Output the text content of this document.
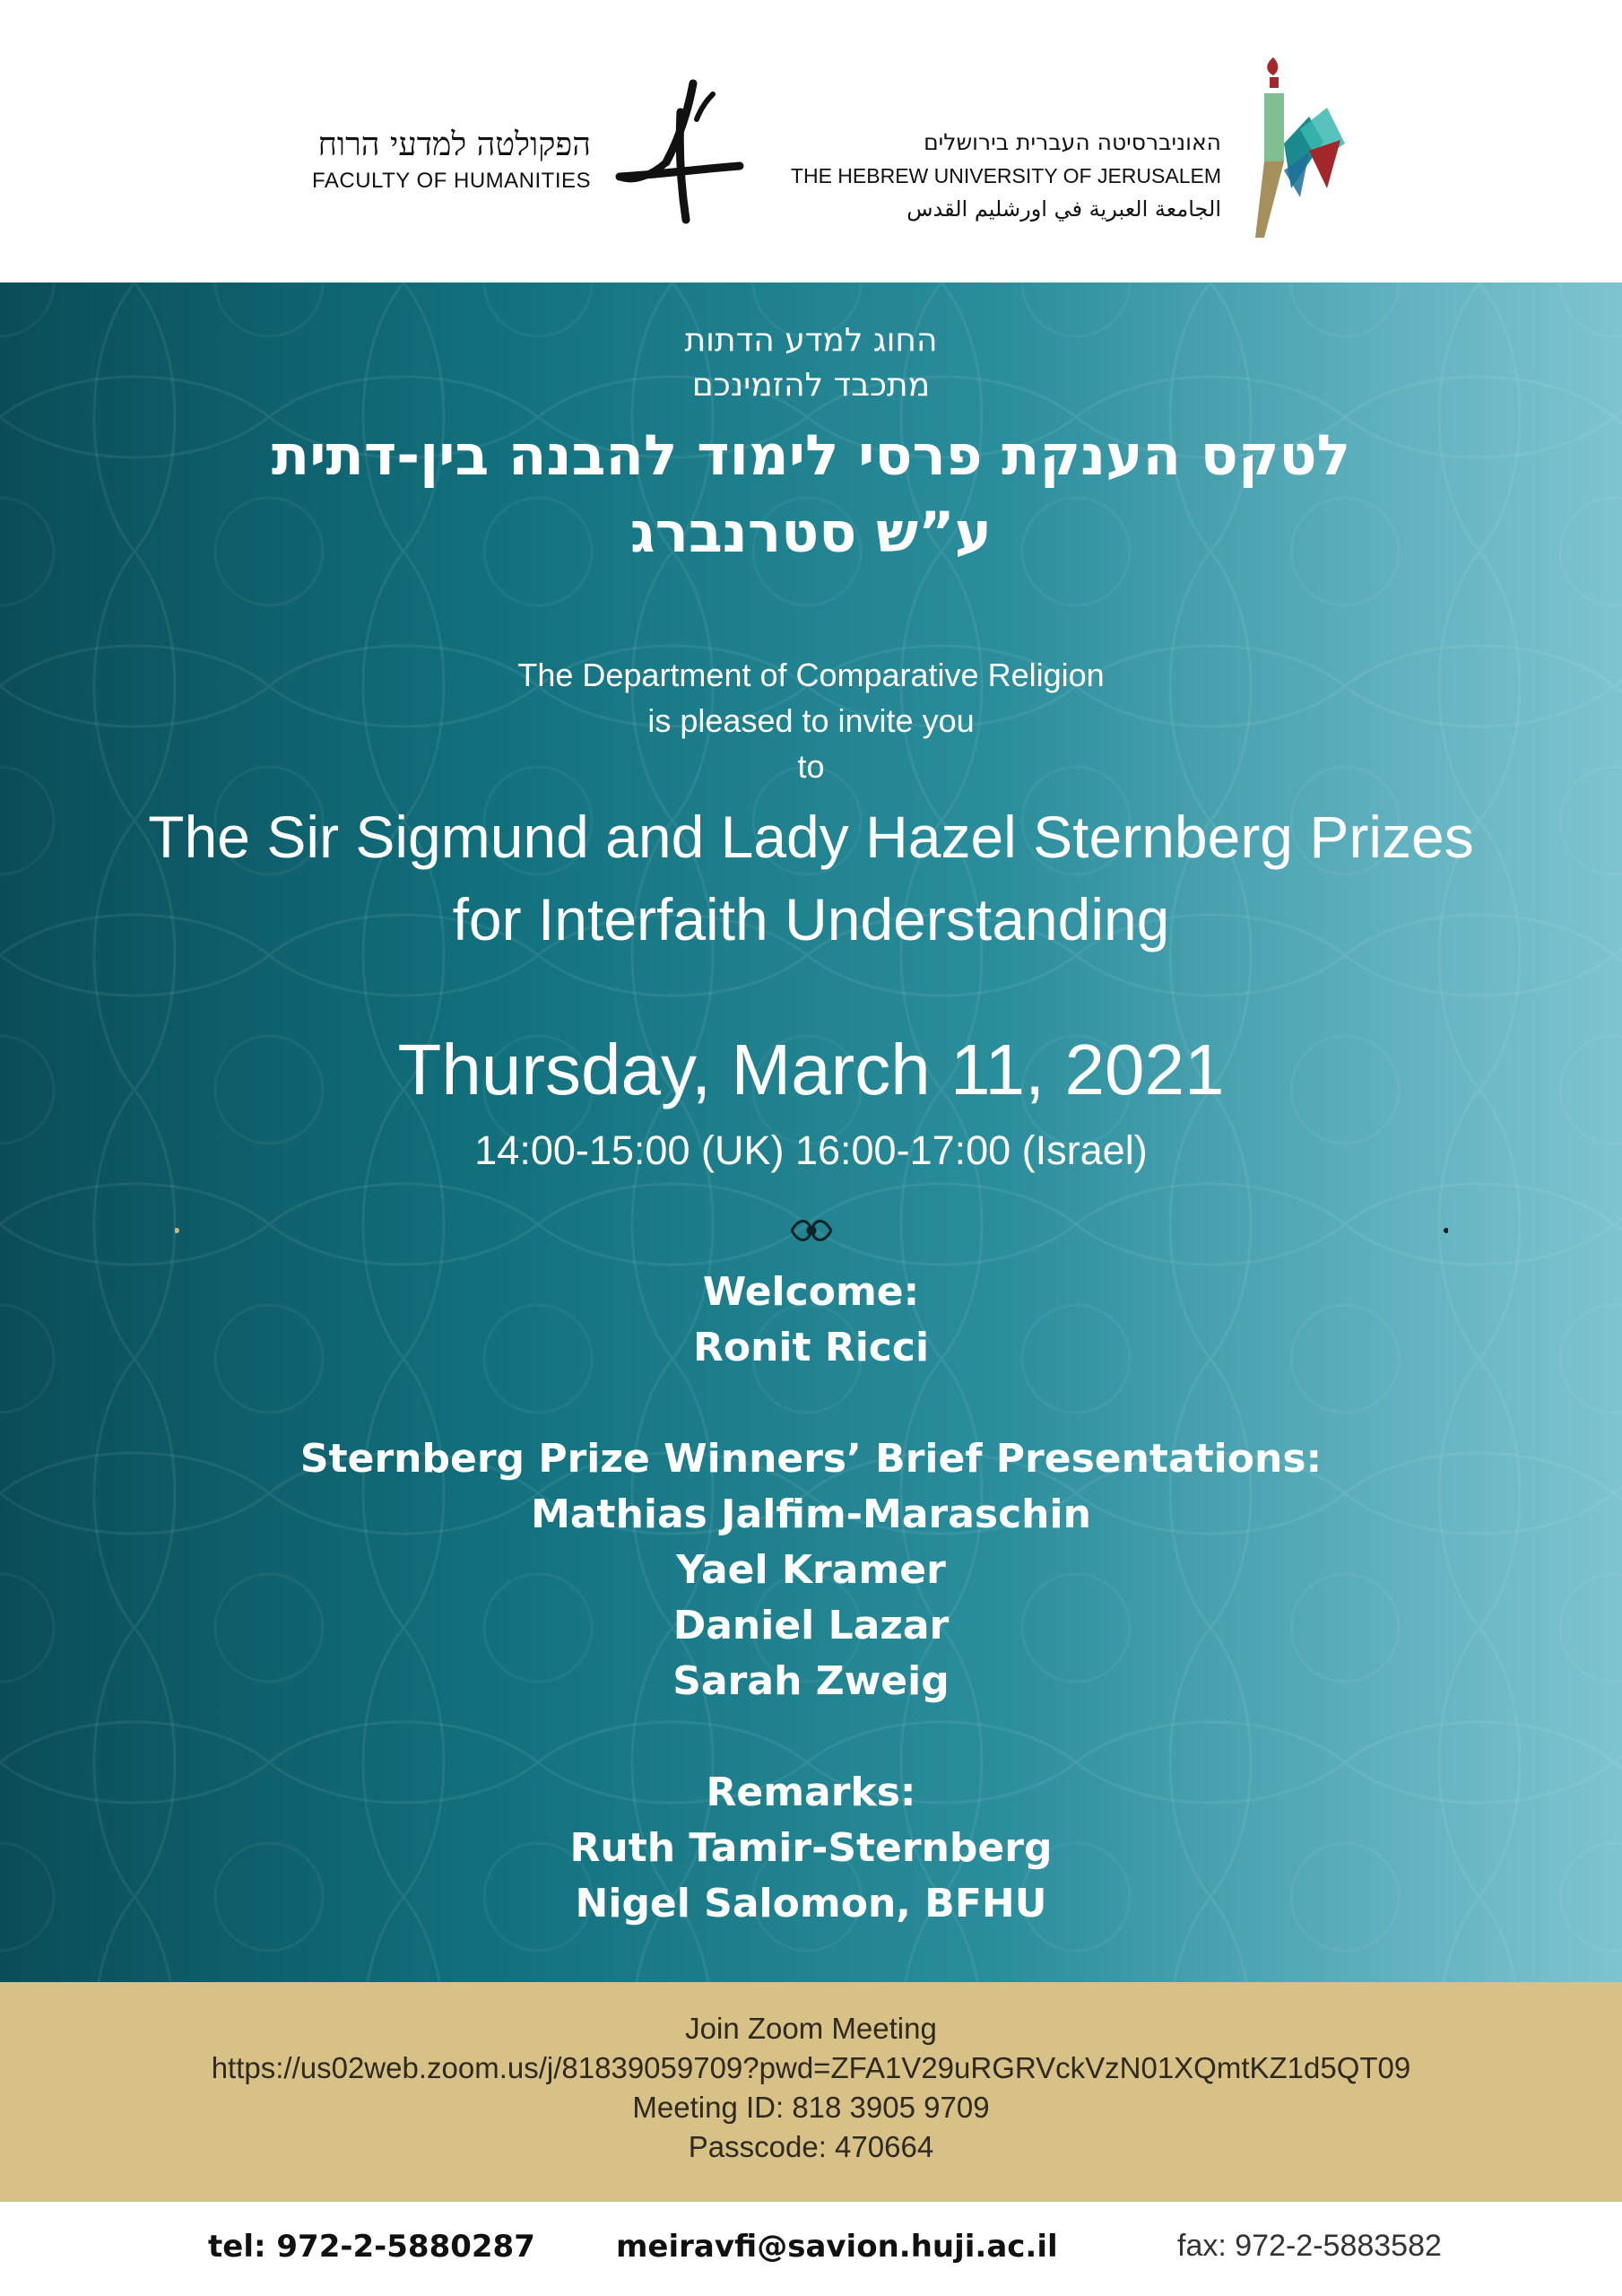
הפקולטה למדעי הרוח
FACULTY OF HUMANITIES
האוניברסיטה העברית בירושלים
THE HEBREW UNIVERSITY OF JERUSALEM
الجامعة العبرية في اورشليم القدس
החוג למדע הדתות
מתכבד להזמינכם
לטקס הענקת פרסי לימוד להבנה בין-דתית
ע”ש סטרנברג
The Department of Comparative Religion
is pleased to invite you
to
The Sir Sigmund and Lady Hazel Sternberg Prizes
for Interfaith Understanding
Thursday, March 11, 2021
14:00-15:00 (UK) 16:00-17:00 (Israel)
Welcome:
Ronit Ricci
Sternberg Prize Winners’ Brief Presentations:
Mathias Jalfim-Maraschin
Yael Kramer
Daniel Lazar
Sarah Zweig
Remarks:
Ruth Tamir-Sternberg
Nigel Salomon, BFHU
Join Zoom Meeting
https://us02web.zoom.us/j/81839059709?pwd=ZFA1V29uRGRVckVzN01XQmtKZ1d5QT09
Meeting ID: 818 3905 9709
Passcode: 470664
tel: 972-2-5880287	meiravfi@savion.huji.ac.il	fax: 972-2-5883582
